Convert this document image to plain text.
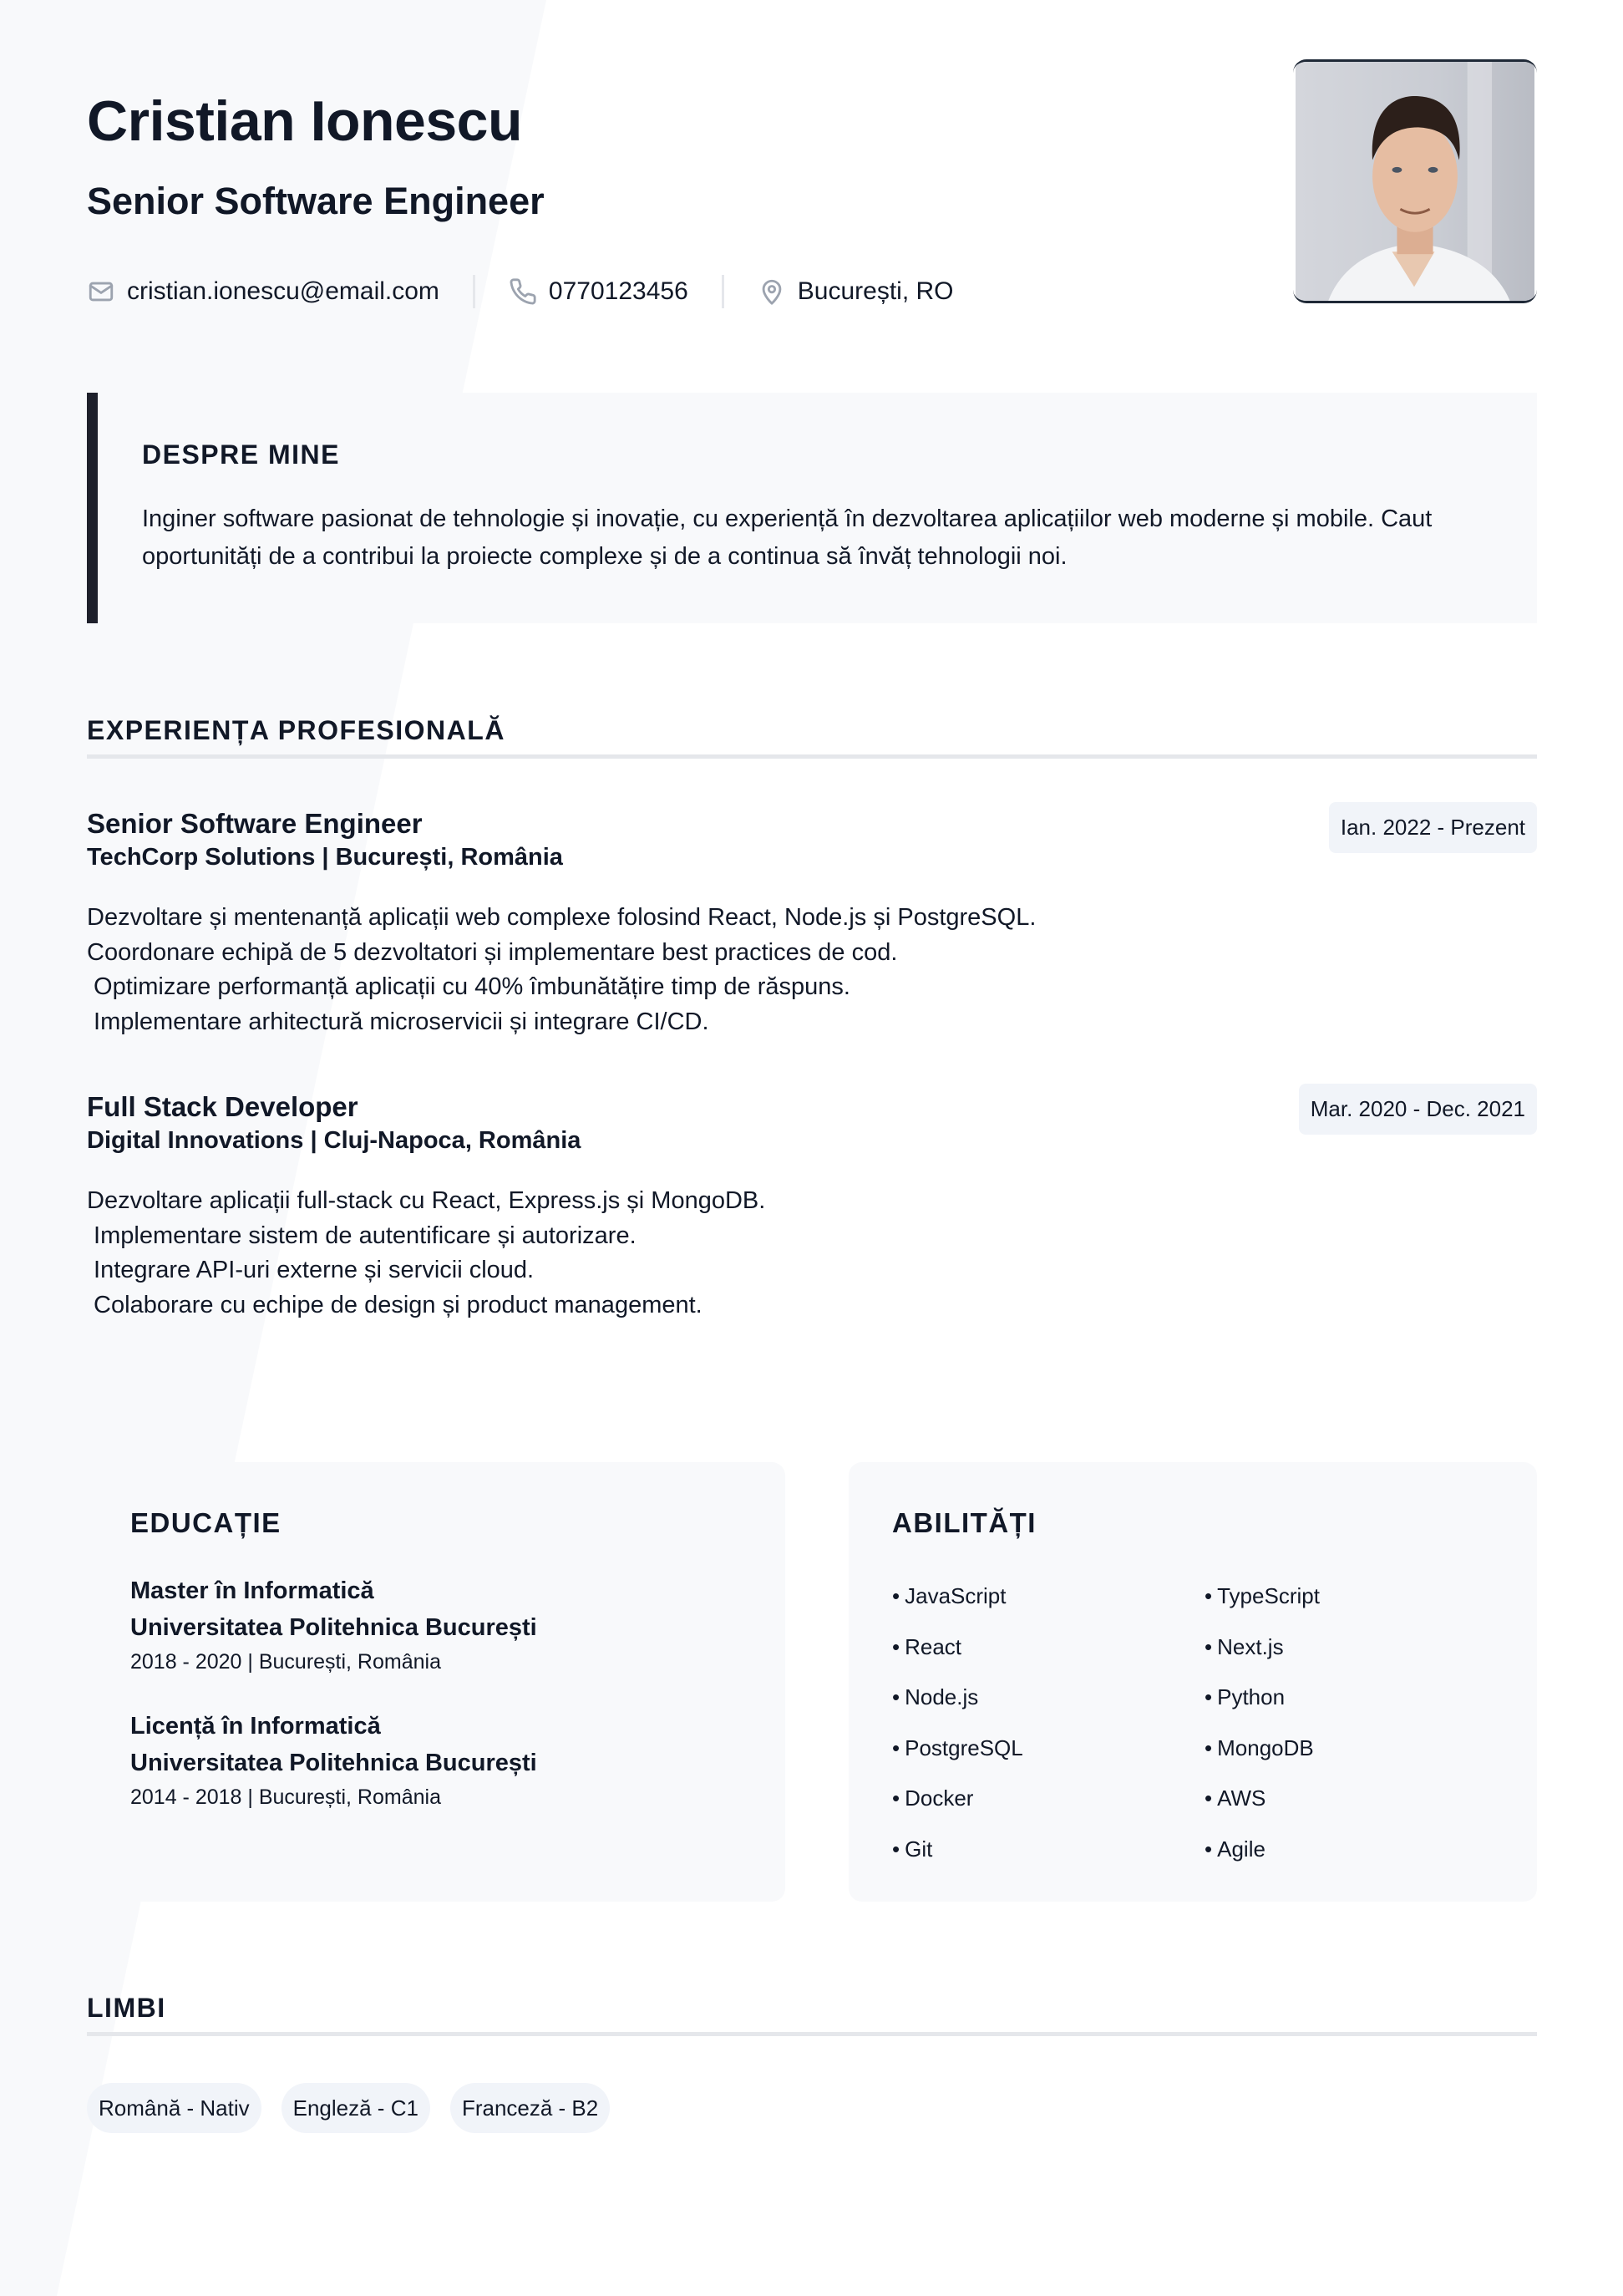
Cristian Ionescu
Senior Software Engineer
cristian.ionescu@email.com	0770123456	București, RO
DESPRE MINE

Inginer software pasionat de tehnologie și inovație, cu experiență în dezvoltarea aplicațiilor web moderne și mobile. Caut oportunități de a contribui la proiecte complexe și de a continua să învăț tehnologii noi.

EXPERIENȚA PROFESIONALĂ
Senior Software Engineer
TechCorp Solutions | București, România
Ian. 2022 - Prezent
Dezvoltare și mentenanță aplicații web complexe folosind React, Node.js și PostgreSQL.
Coordonare echipă de 5 dezvoltatori și implementare best practices de cod.
Optimizare performanță aplicații cu 40% îmbunătățire timp de răspuns.
Implementare arhitectură microservicii și integrare CI/CD.
Full Stack Developer
Digital Innovations | Cluj-Napoca, România
Mar. 2020 - Dec. 2021
Dezvoltare aplicații full-stack cu React, Express.js și MongoDB.
Implementare sistem de autentificare și autorizare.
Integrare API-uri externe și servicii cloud.
Colaborare cu echipe de design și product management.
EDUCAȚIE
Master în Informatică
Universitatea Politehnica București
2018 - 2020 | București, România
Licență în Informatică
Universitatea Politehnica București
2014 - 2018 | București, România
ABILITĂȚI
• JavaScript	• TypeScript
• React	• Next.js
• Node.js	• Python
• PostgreSQL	• MongoDB
• Docker	• AWS
• Git	• Agile
LIMBI
Română - Nativ	Engleză - C1	Franceză - B2
